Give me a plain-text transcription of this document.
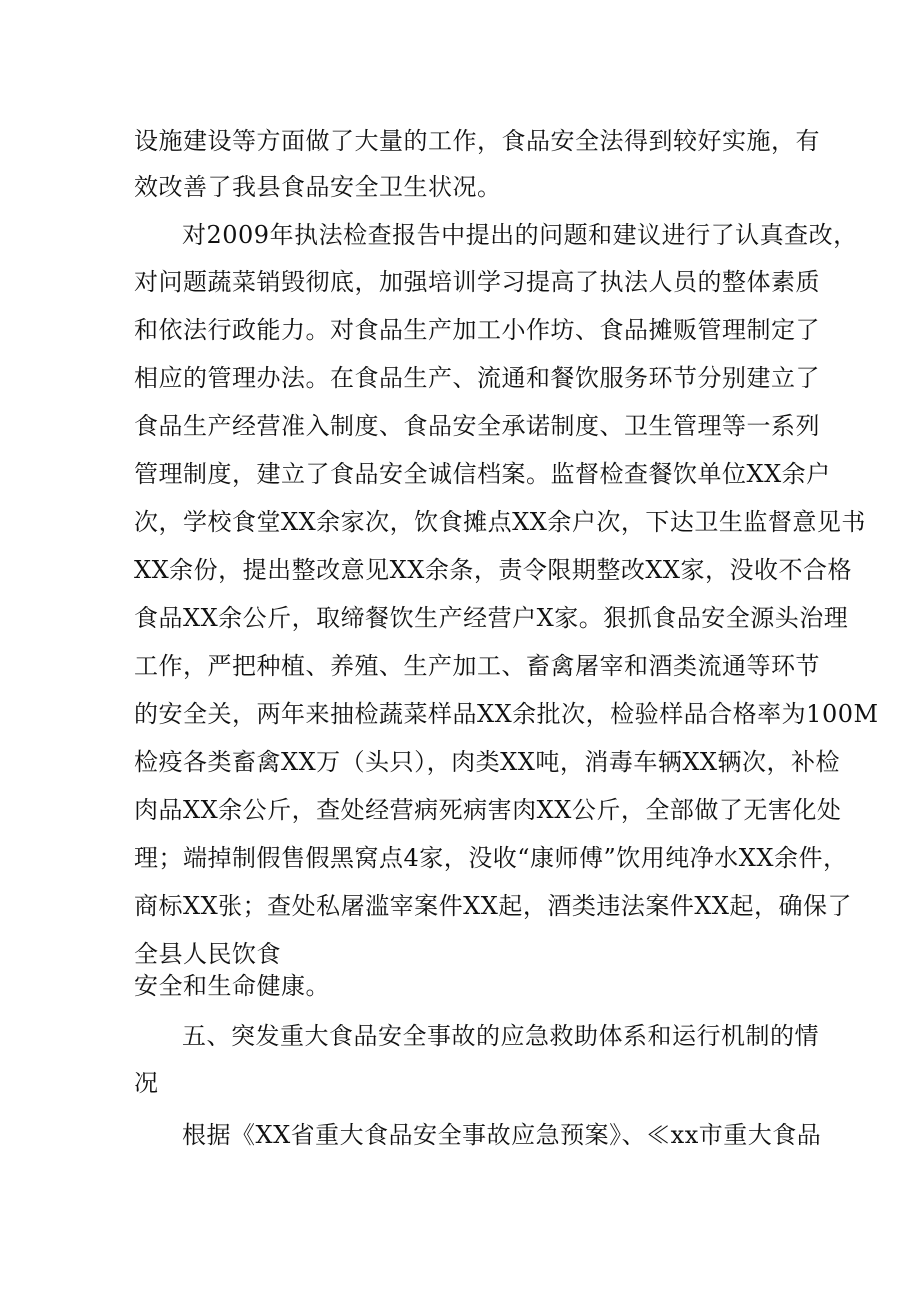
设施建设等方面做了大量的工作，食品安全法得到较好实施，有
效改善了我县食品安全卫生状况。
对2009年执法检查报告中提出的问题和建议进行了认真查改，
对问题蔬菜销毁彻底，加强培训学习提高了执法人员的整体素质
和依法行政能力。对食品生产加工小作坊、食品摊贩管理制定了
相应的管理办法。在食品生产、流通和餐饮服务环节分别建立了
食品生产经营准入制度、食品安全承诺制度、卫生管理等一系列
管理制度，建立了食品安全诚信档案。监督检查餐饮单位XX余户
次，学校食堂XX余家次，饮食摊点XX余户次，下达卫生监督意见书
XX余份，提出整改意见XX余条，责令限期整改XX家，没收不合格
食品XX余公斤，取缔餐饮生产经营户X家。狠抓食品安全源头治理
工作，严把种植、养殖、生产加工、畜禽屠宰和酒类流通等环节
的安全关，两年来抽检蔬菜样品XX余批次，检验样品合格率为100M
检疫各类畜禽XX万（头只），肉类XX吨，消毒车辆XX辆次，补检
肉品XX余公斤，查处经营病死病害肉XX公斤，全部做了无害化处
理；端掉制假售假黑窝点4家，没收“康师傅”饮用纯净水XX余件，
商标XX张；查处私屠滥宰案件XX起，酒类违法案件XX起，确保了
全县人民饮食
安全和生命健康。
五、突发重大食品安全事故的应急救助体系和运行机制的情
况
根据《XX省重大食品安全事故应急预案》、≪xx市重大食品
